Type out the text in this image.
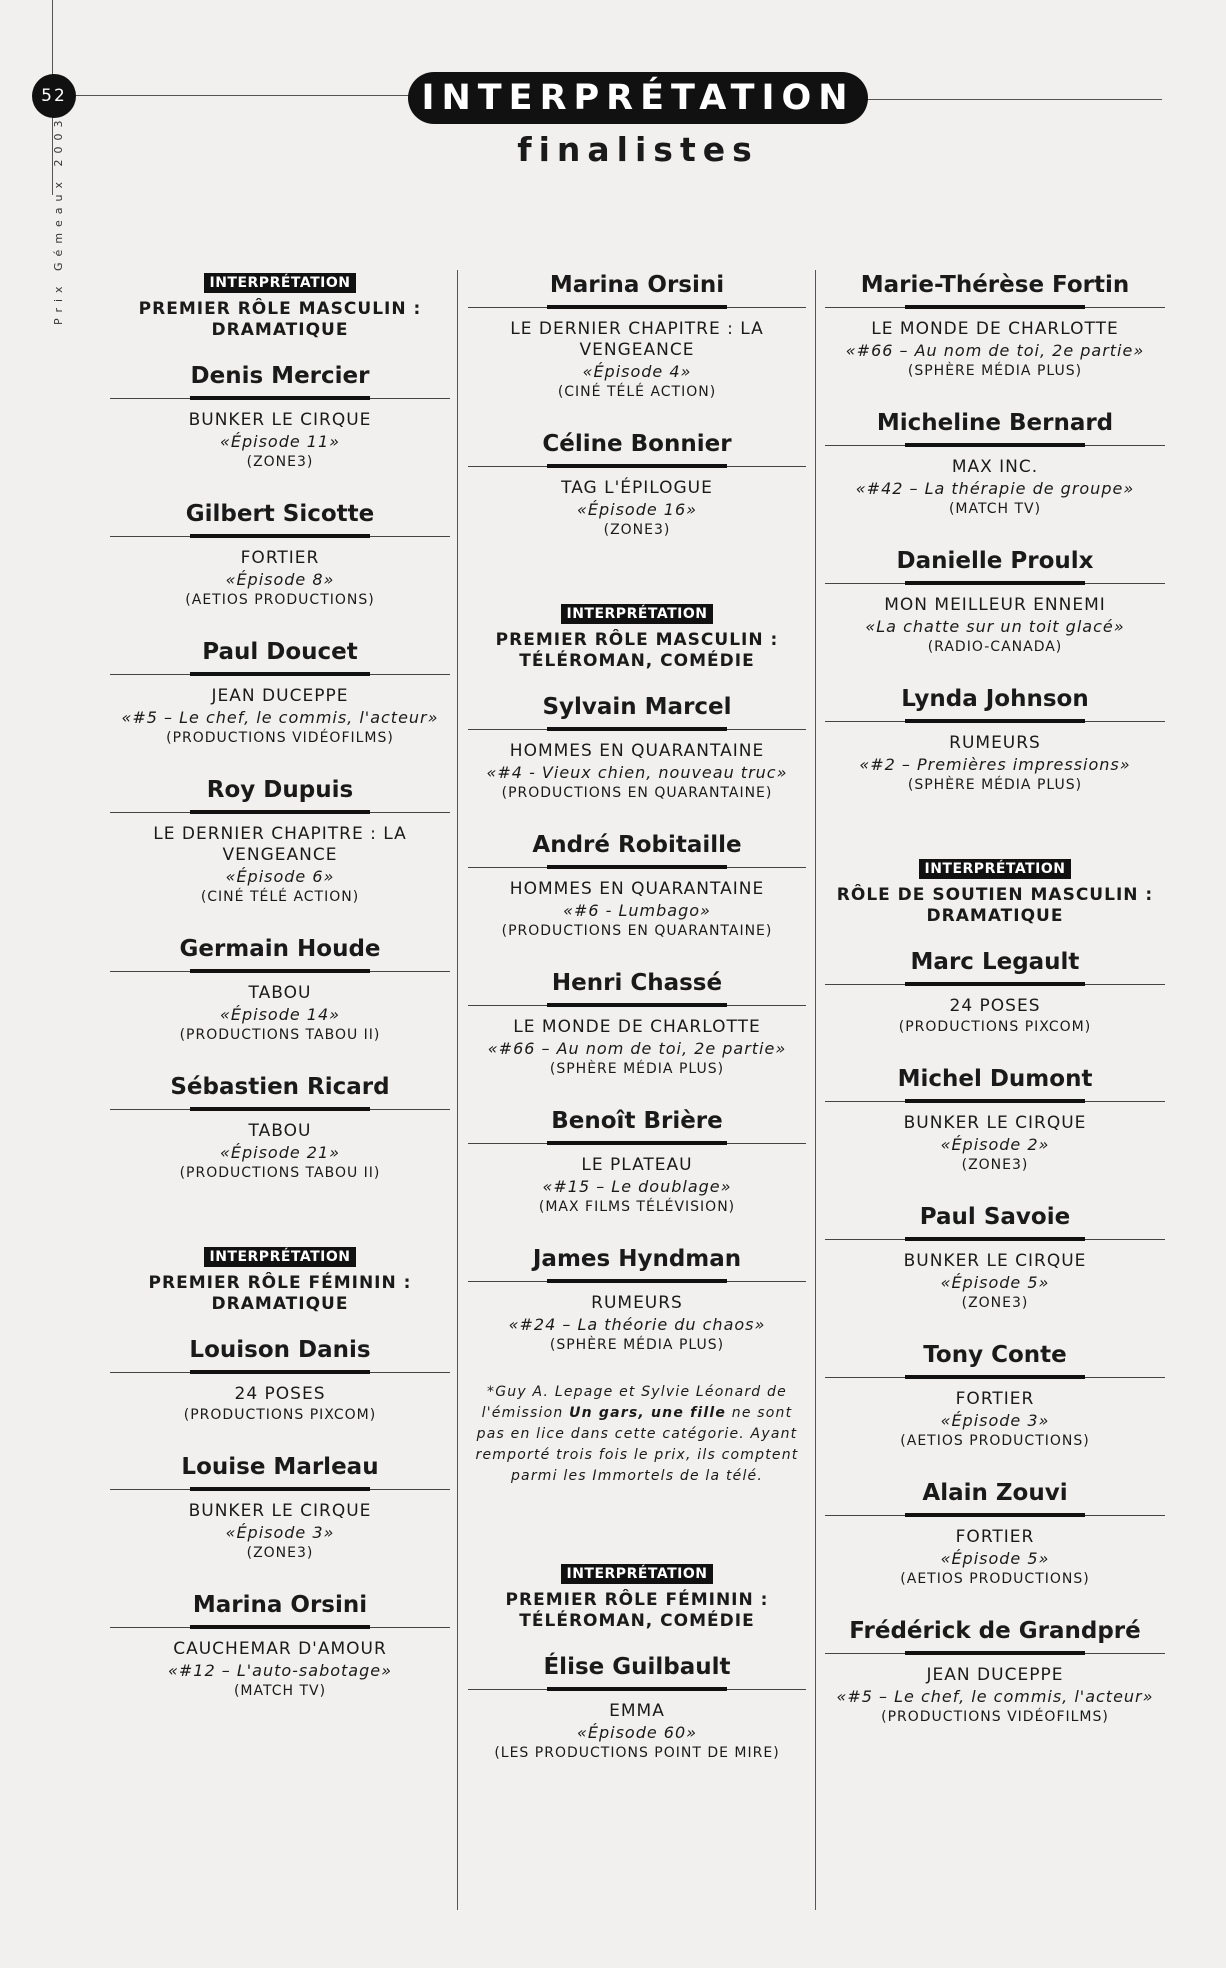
52
Prix Gémeaux 2003
INTERPRÉTATION
finalistes
INTERPRÉTATION
PREMIER RÔLE MASCULIN : DRAMATIQUE
Denis Mercier
BUNKER LE CIRQUE
«Épisode 11»
(ZONE3)
Gilbert Sicotte
FORTIER
«Épisode 8»
(AETIOS PRODUCTIONS)
Paul Doucet
JEAN DUCEPPE
«#5 – Le chef, le commis, l'acteur»
(PRODUCTIONS VIDÉOFILMS)
Roy Dupuis
LE DERNIER CHAPITRE : LA VENGEANCE
«Épisode 6»
(CINÉ TÉLÉ ACTION)
Germain Houde
TABOU
«Épisode 14»
(PRODUCTIONS TABOU II)
Sébastien Ricard
TABOU
«Épisode 21»
(PRODUCTIONS TABOU II)
INTERPRÉTATION
PREMIER RÔLE FÉMININ : DRAMATIQUE
Louison Danis
24 POSES
(PRODUCTIONS PIXCOM)
Louise Marleau
BUNKER LE CIRQUE
«Épisode 3»
(ZONE3)
Marina Orsini
CAUCHEMAR D'AMOUR
«#12 – L'auto-sabotage»
(MATCH TV)
Marina Orsini
LE DERNIER CHAPITRE : LA VENGEANCE
«Épisode 4»
(CINÉ TÉLÉ ACTION)
Céline Bonnier
TAG L'ÉPILOGUE
«Épisode 16»
(ZONE3)
INTERPRÉTATION
PREMIER RÔLE MASCULIN : TÉLÉROMAN, COMÉDIE
Sylvain Marcel
HOMMES EN QUARANTAINE
«#4 - Vieux chien, nouveau truc»
(PRODUCTIONS EN QUARANTAINE)
André Robitaille
HOMMES EN QUARANTAINE
«#6 - Lumbago»
(PRODUCTIONS EN QUARANTAINE)
Henri Chassé
LE MONDE DE CHARLOTTE
«#66 – Au nom de toi, 2e partie»
(SPHÈRE MÉDIA PLUS)
Benoît Brière
LE PLATEAU
«#15 – Le doublage»
(MAX FILMS TÉLÉVISION)
James Hyndman
RUMEURS
«#24 – La théorie du chaos»
(SPHÈRE MÉDIA PLUS)
*Guy A. Lepage et Sylvie Léonard de l'émission Un gars, une fille ne sont pas en lice dans cette catégorie. Ayant remporté trois fois le prix, ils comptent parmi les Immortels de la télé.
INTERPRÉTATION
PREMIER RÔLE FÉMININ : TÉLÉROMAN, COMÉDIE
Élise Guilbault
EMMA
«Épisode 60»
(LES PRODUCTIONS POINT DE MIRE)
Marie-Thérèse Fortin
LE MONDE DE CHARLOTTE
«#66 – Au nom de toi, 2e partie»
(SPHÈRE MÉDIA PLUS)
Micheline Bernard
MAX INC.
«#42 – La thérapie de groupe»
(MATCH TV)
Danielle Proulx
MON MEILLEUR ENNEMI
«La chatte sur un toit glacé»
(RADIO-CANADA)
Lynda Johnson
RUMEURS
«#2 – Premières impressions»
(SPHÈRE MÉDIA PLUS)
INTERPRÉTATION
RÔLE DE SOUTIEN MASCULIN : DRAMATIQUE
Marc Legault
24 POSES
(PRODUCTIONS PIXCOM)
Michel Dumont
BUNKER LE CIRQUE
«Épisode 2»
(ZONE3)
Paul Savoie
BUNKER LE CIRQUE
«Épisode 5»
(ZONE3)
Tony Conte
FORTIER
«Épisode 3»
(AETIOS PRODUCTIONS)
Alain Zouvi
FORTIER
«Épisode 5»
(AETIOS PRODUCTIONS)
Frédérick de Grandpré
JEAN DUCEPPE
«#5 – Le chef, le commis, l'acteur»
(PRODUCTIONS VIDÉOFILMS)
